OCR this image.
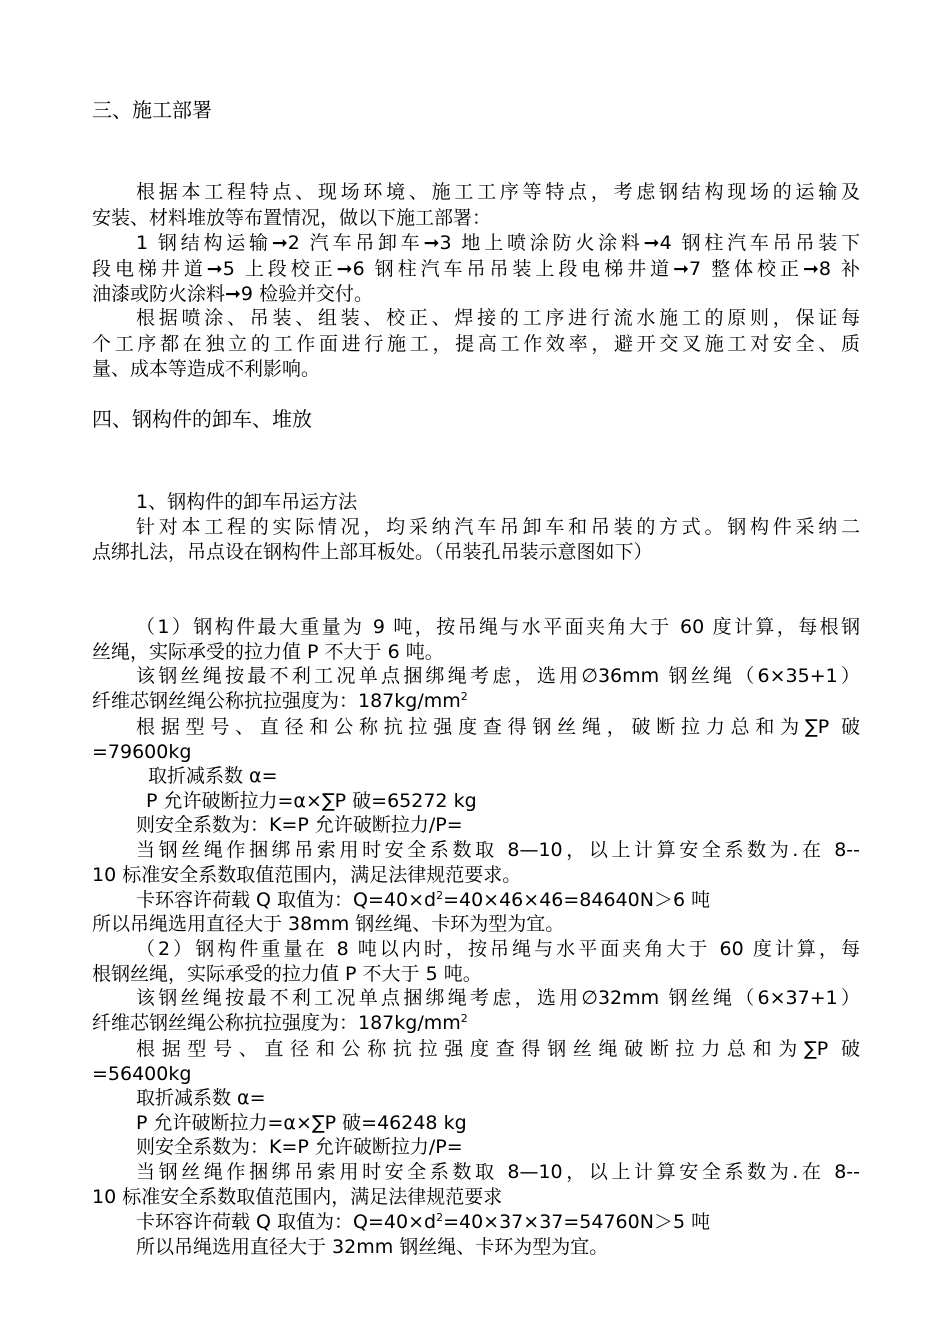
三、施工部署
根据本工程特点、现场环境、施工工序等特点，考虑钢结构现场的运输及
安装、材料堆放等布置情况，做以下施工部署：
1 钢结构运输➞2 汽车吊卸车➞3 地上喷涂防火涂料➞4 钢柱汽车吊吊装下
段电梯井道➞5 上段校正➞6 钢柱汽车吊吊装上段电梯井道➞7 整体校正➞8 补
油漆或防火涂料➞9 检验并交付。
根据喷涂、吊装、组装、校正、焊接的工序进行流水施工的原则，保证每
个工序都在独立的工作面进行施工，提高工作效率，避开交叉施工对安全、质
量、成本等造成不利影响。
四、钢构件的卸车、堆放
1、钢构件的卸车吊运方法
针对本工程的实际情况，均采纳汽车吊卸车和吊装的方式。钢构件采纳二
点绑扎法，吊点设在钢构件上部耳板处。（吊装孔吊装示意图如下）
（1）钢构件最大重量为 9 吨，按吊绳与水平面夹角大于 60 度计算，每根钢
丝绳，实际承受的拉力值 P 不大于 6 吨。
该钢丝绳按最不利工况单点捆绑绳考虑，选用∅36mm 钢丝绳（6×35+1）
纤维芯钢丝绳公称抗拉强度为：$187kg/mm^2$
根据型号、直径和公称抗拉强度查得钢丝绳，破断拉力总和为∑P 破
=79600kg
取折减系数 α=
P 允许破断拉力=α×∑P 破=65272 kg
则安全系数为：K=P 允许破断拉力/P=
当钢丝绳作捆绑吊索用时安全系数取 8—10，以上计算安全系数为.在 8--
10 标准安全系数取值范围内，满足法律规范要求。
卡环容许荷载 Q 取值为：$Q=40\times d^2=40\times 46\times 46=84640N>6$ 吨
所以吊绳选用直径大于 38mm 钢丝绳、卡环为型为宜。
（2）钢构件重量在 8 吨以内时，按吊绳与水平面夹角大于 60 度计算，每
根钢丝绳，实际承受的拉力值 P 不大于 5 吨。
该钢丝绳按最不利工况单点捆绑绳考虑，选用∅32mm 钢丝绳（6×37+1）
纤维芯钢丝绳公称抗拉强度为：$187kg/mm^2$
根据型号、直径和公称抗拉强度查得钢丝绳破断拉力总和为∑P 破
=56400kg
取折减系数 α=
P 允许破断拉力=α×∑P 破=46248 kg
则安全系数为：K=P 允许破断拉力/P=
当钢丝绳作捆绑吊索用时安全系数取 8—10，以上计算安全系数为.在 8--
10 标准安全系数取值范围内，满足法律规范要求
卡环容许荷载 Q 取值为：$Q=40\times d^2=40\times 37\times 37=54760N>5$ 吨
所以吊绳选用直径大于 32mm 钢丝绳、卡环为型为宜。
